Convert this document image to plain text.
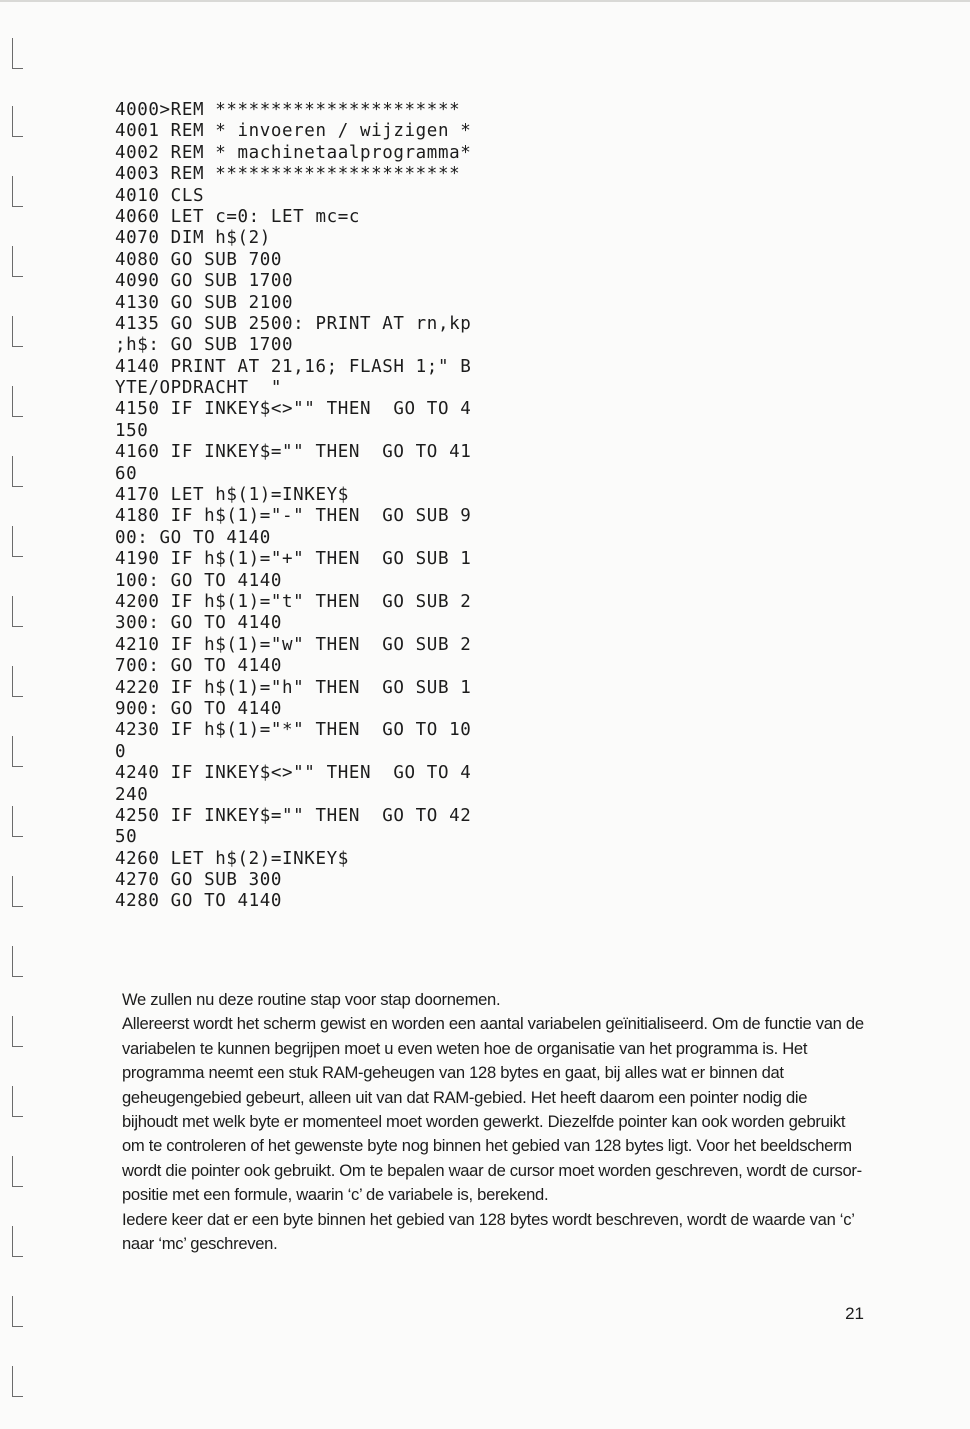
4000>REM **********************
4001 REM * invoeren / wijzigen *
4002 REM * machinetaalprogramma*
4003 REM **********************
4010 CLS
4060 LET c=0: LET mc=c
4070 DIM h$(2)
4080 GO SUB 700
4090 GO SUB 1700
4130 GO SUB 2100
4135 GO SUB 2500: PRINT AT rn,kp
;h$: GO SUB 1700
4140 PRINT AT 21,16; FLASH 1;" B
YTE/OPDRACHT  "
4150 IF INKEY$<>"" THEN  GO TO 4
150
4160 IF INKEY$="" THEN  GO TO 41
60
4170 LET h$(1)=INKEY$
4180 IF h$(1)="-" THEN  GO SUB 9
00: GO TO 4140
4190 IF h$(1)="+" THEN  GO SUB 1
100: GO TO 4140
4200 IF h$(1)="t" THEN  GO SUB 2
300: GO TO 4140
4210 IF h$(1)="w" THEN  GO SUB 2
700: GO TO 4140
4220 IF h$(1)="h" THEN  GO SUB 1
900: GO TO 4140
4230 IF h$(1)="*" THEN  GO TO 10
0
4240 IF INKEY$<>"" THEN  GO TO 4
240
4250 IF INKEY$="" THEN  GO TO 42
50
4260 LET h$(2)=INKEY$
4270 GO SUB 300
4280 GO TO 4140

We zullen nu deze routine stap voor stap doornemen.

Allereerst wordt het scherm gewist en worden een aantal variabelen geïnitialiseerd. Om de functie van de variabelen te kunnen begrijpen moet u even weten hoe de organisatie van het programma is. Het programma neemt een stuk RAM-geheugen van 128 bytes en gaat, bij alles wat er binnen dat geheugengebied gebeurt, alleen uit van dat RAM-gebied. Het heeft daarom een pointer nodig die bijhoudt met welk byte er momenteel moet worden gewerkt. Diezelfde pointer kan ook worden gebruikt om te controleren of het gewenste byte nog binnen het gebied van 128 bytes ligt. Voor het beeldscherm wordt die pointer ook gebruikt. Om te bepalen waar de cursor moet worden geschreven, wordt de cursor-positie met een formule, waarin ‘c’ de variabele is, berekend.

Iedere keer dat er een byte binnen het gebied van 128 bytes wordt beschreven, wordt de waarde van ‘c’ naar ‘mc’ geschreven.

21
